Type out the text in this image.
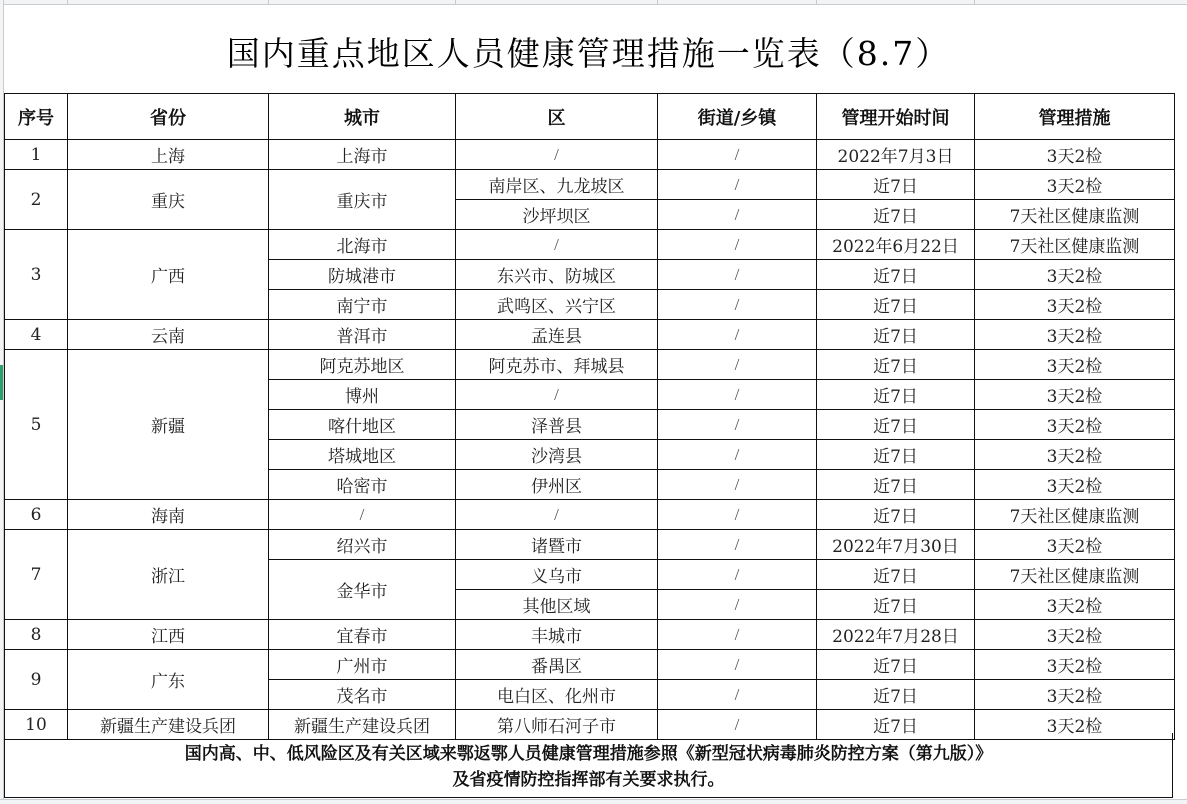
国内重点地区人员健康管理措施一览表（8.7）
序号	省份	城市	区	街道/乡镇	管理开始时间	管理措施
1	上海	上海市	/	/	2022年7月3日	3天2检
2	重庆	重庆市	南岸区、九龙坡区	/	近7日	3天2检
			沙坪坝区	/	近7日	7天社区健康监测
3	广西	北海市	/	/	2022年6月22日	7天社区健康监测
		防城港市	东兴市、防城区	/	近7日	3天2检
		南宁市	武鸣区、兴宁区	/	近7日	3天2检
4	云南	普洱市	孟连县	/	近7日	3天2检
5	新疆	阿克苏地区	阿克苏市、拜城县	/	近7日	3天2检
		博州	/	/	近7日	3天2检
		喀什地区	泽普县	/	近7日	3天2检
		塔城地区	沙湾县	/	近7日	3天2检
		哈密市	伊州区	/	近7日	3天2检
6	海南	/	/	/	近7日	7天社区健康监测
7	浙江	绍兴市	诸暨市	/	2022年7月30日	3天2检
		金华市	义乌市	/	近7日	7天社区健康监测
			其他区域	/	近7日	3天2检
8	江西	宜春市	丰城市	/	2022年7月28日	3天2检
9	广东	广州市	番禺区	/	近7日	3天2检
		茂名市	电白区、化州市	/	近7日	3天2检
10	新疆生产建设兵团	新疆生产建设兵团	第八师石河子市	/	近7日	3天2检
国内高、中、低风险区及有关区域来鄂返鄂人员健康管理措施参照《新型冠状病毒肺炎防控方案（第九版）》
及省疫情防控指挥部有关要求执行。
